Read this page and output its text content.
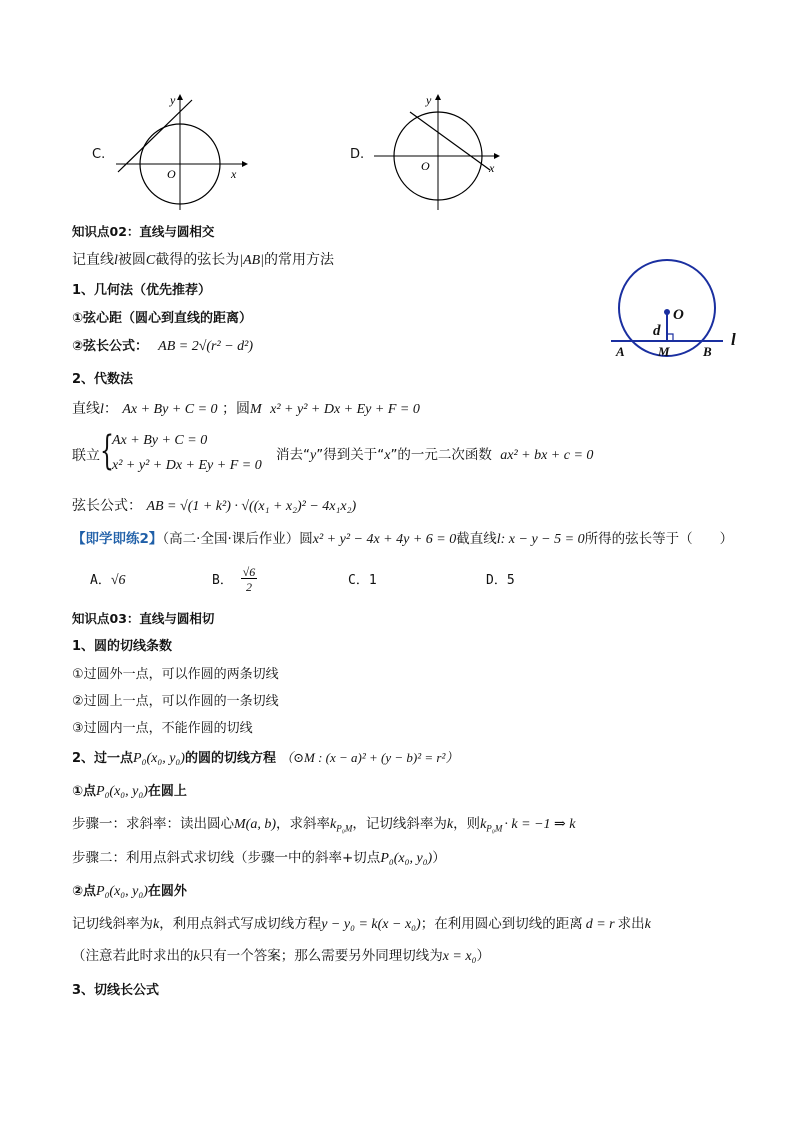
C.
y
x
O
D.
y
x
O
知识点02：直线与圆相交
记直线l被圆C截得的弦长为|AB|的常用方法
1、几何法（优先推荐）
①弦心距（圆心到直线的距离）
②弦长公式： AB = 2√(r² − d²)
O
d	l
A	M	B
2、代数法
直线l： Ax + By + C = 0 ；圆M x² + y² + Dx + Ey + F = 0
联立 {
Ax + By + C = 0
x² + y² + Dx + Ey + F = 0
消去“y”得到关于“x”的一元二次函数 ax² + bx + c = 0
弦长公式： AB = √(1 + k²) · √((x₁ + x₂)² − 4x₁x₂)
【即学即练2】（高二·全国·课后作业）圆x² + y² − 4x + 4y + 6 = 0截直线l: x − y − 5 = 0所得的弦长等于（　　）
A．√6	B． $\frac{√6}{2}$	C．1	D．5
知识点03：直线与圆相切
1、圆的切线条数
①过圆外一点，可以作圆的两条切线
②过圆上一点，可以作圆的一条切线
③过圆内一点，不能作圆的切线
2、过一点P₀(x₀, y₀)的圆的切线方程 （⊙M : (x − a)² + (y − b)² = r²）
①点P₀(x₀, y₀)在圆上
步骤一：求斜率：读出圆心M(a, b)，求斜率$k_{P_0M}$，记切线斜率为k，则$k_{P_0M} \cdot k = -1$ ⇒ k
步骤二：利用点斜式求切线（步骤一中的斜率+切点P₀(x₀, y₀)）
②点P₀(x₀, y₀)在圆外
记切线斜率为k，利用点斜式写成切线方程y − y₀ = k(x − x₀)；在利用圆心到切线的距离 d = r 求出k
（注意若此时求出的k只有一个答案；那么需要另外同理切线为x = x₀）
3、切线长公式
